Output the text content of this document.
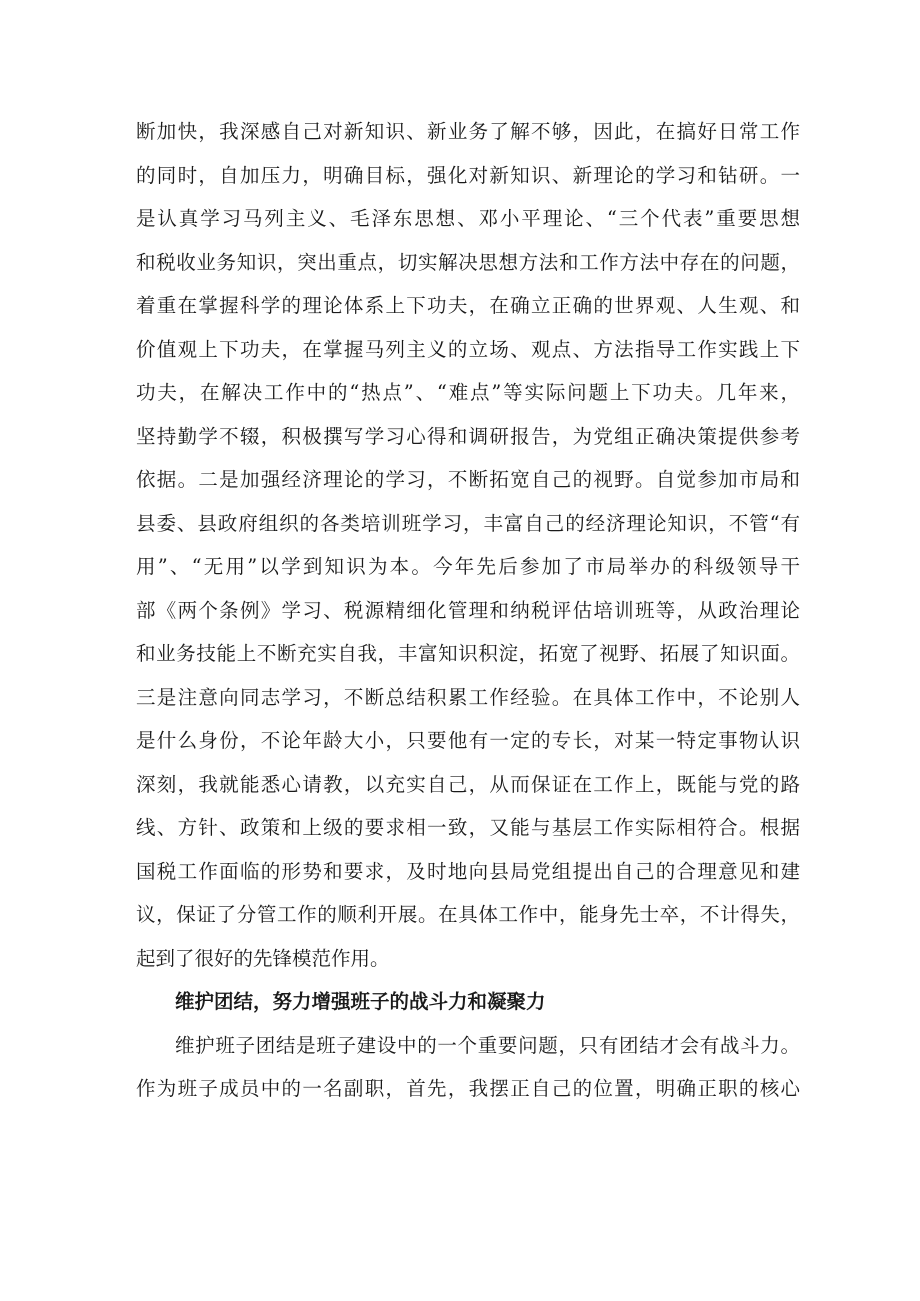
断加快，我深感自己对新知识、新业务了解不够，因此，在搞好日常工作
的同时，自加压力，明确目标，强化对新知识、新理论的学习和钻研。一
是认真学习马列主义、毛泽东思想、邓小平理论、“三个代表”重要思想
和税收业务知识，突出重点，切实解决思想方法和工作方法中存在的问题，
着重在掌握科学的理论体系上下功夫，在确立正确的世界观、人生观、和
价值观上下功夫，在掌握马列主义的立场、观点、方法指导工作实践上下
功夫，在解决工作中的“热点”、“难点”等实际问题上下功夫。几年来，
坚持勤学不辍，积极撰写学习心得和调研报告，为党组正确决策提供参考
依据。二是加强经济理论的学习，不断拓宽自己的视野。自觉参加市局和
县委、县政府组织的各类培训班学习，丰富自己的经济理论知识，不管“有
用”、“无用”以学到知识为本。今年先后参加了市局举办的科级领导干
部《两个条例》学习、税源精细化管理和纳税评估培训班等，从政治理论
和业务技能上不断充实自我，丰富知识积淀，拓宽了视野、拓展了知识面。
三是注意向同志学习，不断总结积累工作经验。在具体工作中，不论别人
是什么身份，不论年龄大小，只要他有一定的专长，对某一特定事物认识
深刻，我就能悉心请教，以充实自己，从而保证在工作上，既能与党的路
线、方针、政策和上级的要求相一致，又能与基层工作实际相符合。根据
国税工作面临的形势和要求，及时地向县局党组提出自己的合理意见和建
议，保证了分管工作的顺利开展。在具体工作中，能身先士卒，不计得失，
起到了很好的先锋模范作用。
维护团结，努力增强班子的战斗力和凝聚力
维护班子团结是班子建设中的一个重要问题，只有团结才会有战斗力。
作为班子成员中的一名副职，首先，我摆正自己的位置，明确正职的核心
